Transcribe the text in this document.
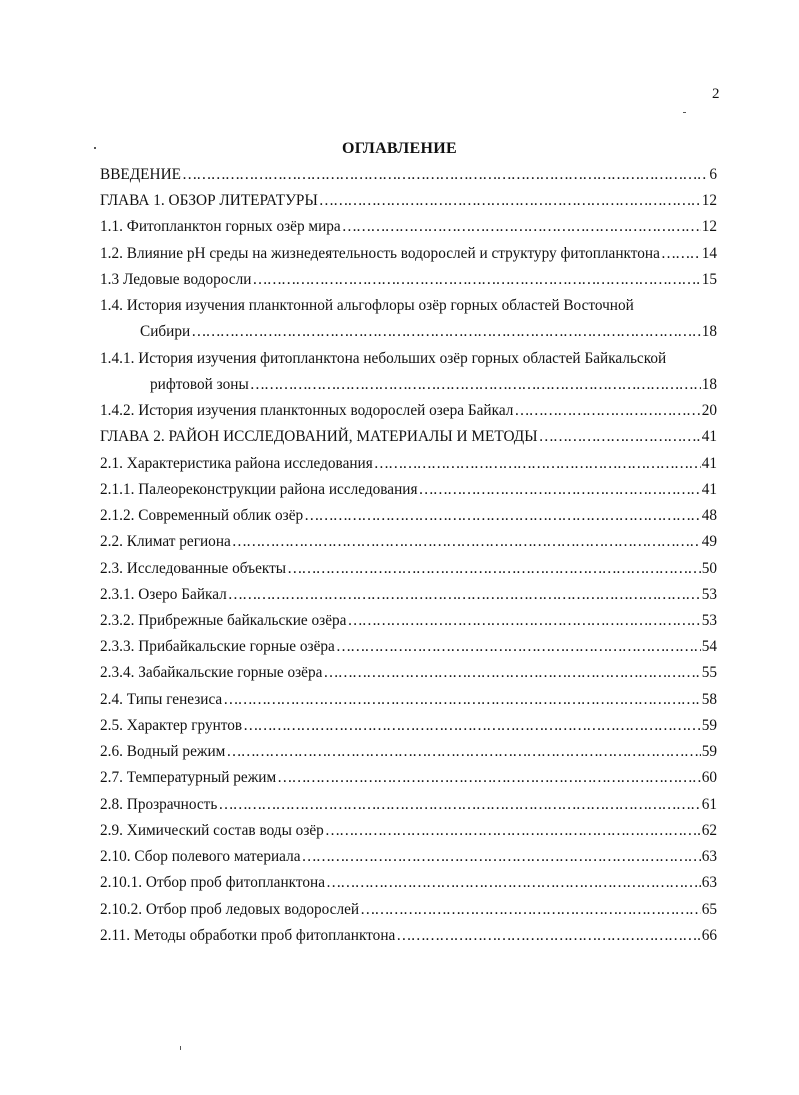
2
ОГЛАВЛЕНИЕ
ВВЕДЕНИЕ ………………………………………………………………………………………………………………………………………………………………………………………	6
ГЛАВА 1. ОБЗОР ЛИТЕРАТУРЫ ………………………………………………………………………………………………………………………………………………………………………………………	12
1.1. Фитопланктон горных озёр мира ………………………………………………………………………………………………………………………………………………………………………………………	12
1.2. Влияние pH среды на жизнедеятельность водорослей и структуру фитопланктона ………………………………………………………………………………………………………………………………………………………………………………………	14
1.3 Ледовые водоросли ………………………………………………………………………………………………………………………………………………………………………………………	15
1.4. История изучения планктонной альгофлоры озёр горных областей Восточной
Сибири ………………………………………………………………………………………………………………………………………………………………………………………	18
1.4.1. История изучения фитопланктона небольших озёр горных областей Байкальской
рифтовой зоны ………………………………………………………………………………………………………………………………………………………………………………………	18
1.4.2. История изучения планктонных водорослей озера Байкал ………………………………………………………………………………………………………………………………………………………………………………………	20
ГЛАВА 2. РАЙОН ИССЛЕДОВАНИЙ, МАТЕРИАЛЫ И МЕТОДЫ ………………………………………………………………………………………………………………………………………………………………………………………	41
2.1. Характеристика района исследования ………………………………………………………………………………………………………………………………………………………………………………………	41
2.1.1. Палеореконструкции района исследования ………………………………………………………………………………………………………………………………………………………………………………………	41
2.1.2. Современный облик озёр ………………………………………………………………………………………………………………………………………………………………………………………	48
2.2. Климат региона ………………………………………………………………………………………………………………………………………………………………………………………	49
2.3. Исследованные объекты ………………………………………………………………………………………………………………………………………………………………………………………	50
2.3.1. Озеро Байкал ………………………………………………………………………………………………………………………………………………………………………………………	53
2.3.2. Прибрежные байкальские озёра ………………………………………………………………………………………………………………………………………………………………………………………	53
2.3.3. Прибайкальские горные озёра ………………………………………………………………………………………………………………………………………………………………………………………	54
2.3.4. Забайкальские горные озёра ………………………………………………………………………………………………………………………………………………………………………………………	55
2.4. Типы генезиса ………………………………………………………………………………………………………………………………………………………………………………………	58
2.5. Характер грунтов ………………………………………………………………………………………………………………………………………………………………………………………	59
2.6. Водный режим ………………………………………………………………………………………………………………………………………………………………………………………	59
2.7. Температурный режим ………………………………………………………………………………………………………………………………………………………………………………………	60
2.8. Прозрачность ………………………………………………………………………………………………………………………………………………………………………………………	61
2.9. Химический состав воды озёр ………………………………………………………………………………………………………………………………………………………………………………………	62
2.10. Сбор полевого материала ………………………………………………………………………………………………………………………………………………………………………………………	63
2.10.1. Отбор проб фитопланктона ………………………………………………………………………………………………………………………………………………………………………………………	63
2.10.2. Отбор проб ледовых водорослей ………………………………………………………………………………………………………………………………………………………………………………………	65
2.11. Методы обработки проб фитопланктона ………………………………………………………………………………………………………………………………………………………………………………………	66
